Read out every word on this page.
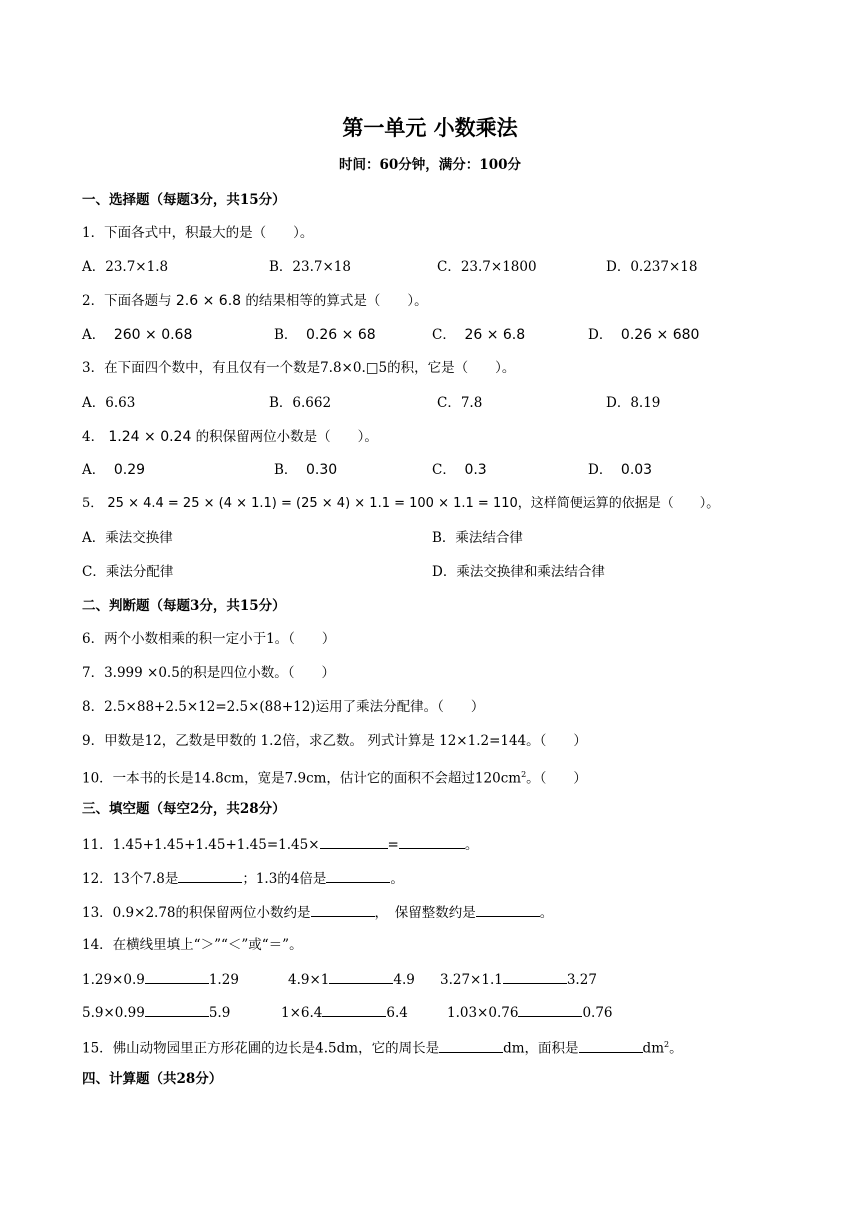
第一单元 小数乘法
时间：60分钟，满分：100分
一、选择题（每题3分，共15分）
1．下面各式中，积最大的是（　　）。
A．23.7×1.8	B．23.7×18	C．23.7×1800	D．0.237×18
2．下面各题与 2.6 × 6.8 的结果相等的算式是（　　）。
A． 260 × 0.68	B． 0.26 × 68	C． 26 × 6.8	D． 0.26 × 680
3．在下面四个数中，有且仅有一个数是7.8×0.□5的积，它是（　　）。
A．6.63	B．6.662	C．7.8	D．8.19
4． 1.24 × 0.24 的积保留两位小数是（　　）。
A． 0.29	B． 0.30	C． 0.3	D． 0.03
5． 25 × 4.4 = 25 × (4 × 1.1) = (25 × 4) × 1.1 = 100 × 1.1 = 110，这样简便运算的依据是（　　）。
A．乘法交换律	B．乘法结合律
C．乘法分配律	D．乘法交换律和乘法结合律
二、判断题（每题3分，共15分）
6．两个小数相乘的积一定小于1。（　　）
7．3.999 ×0.5的积是四位小数。（　　）
8．2.5×88+2.5×12=2.5×(88+12)运用了乘法分配律。（　　）
9．甲数是12，乙数是甲数的 1.2倍，求乙数。 列式计算是 12×1.2=144。（　　）
10．一本书的长是14.8cm，宽是7.9cm，估计它的面积不会超过$120cm^2$。（　　）
三、填空题（每空2分，共28分）
11．1.45+1.45+1.45+1.45=1.45×	=	。
12．13个7.8是	；1.3的4倍是	。
13．0.9×2.78的积保留两位小数约是	，　保留整数约是	。
14．在横线里填上“＞”“＜”或“＝”。
1.29×0.9	1.29	4.9×1	4.9 3.27×1.1	3.27
5.9×0.99	5.9	1×6.4	6.4	1.03×0.76	0.76
15．佛山动物园里正方形花圃的边长是4.5dm，它的周长是	dm，面积是	$dm^2$。
四、计算题（共28分）
